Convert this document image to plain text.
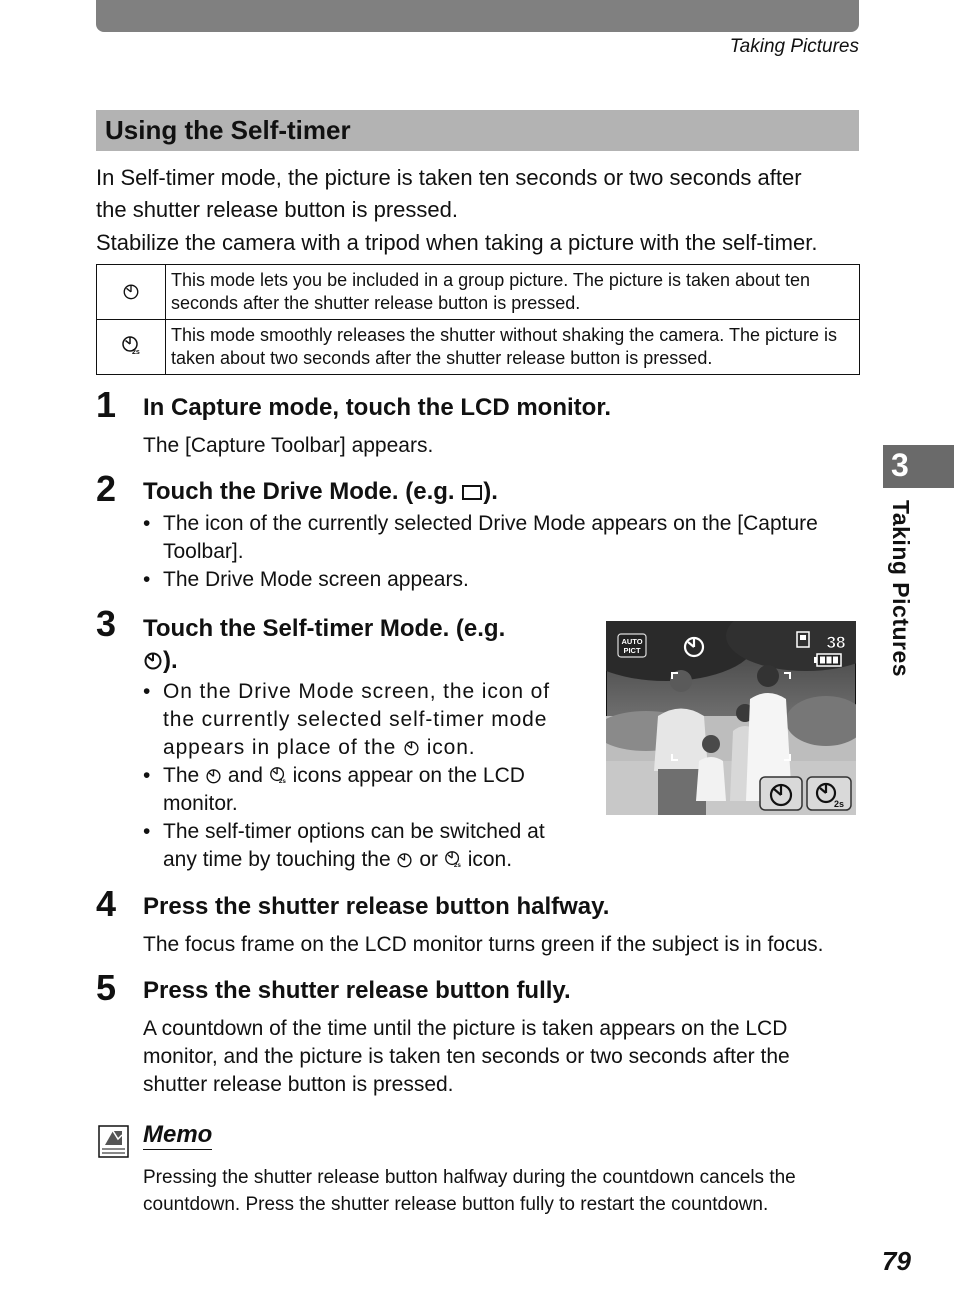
Taking Pictures
Using the Self-timer
In Self-timer mode, the picture is taken ten seconds or two seconds after
the shutter release button is pressed.
Stabilize the camera with a tripod when taking a picture with the self-timer.
	This mode lets you be included in a group picture. The picture is taken about ten seconds after the shutter release button is pressed.

2s	This mode smoothly releases the shutter without shaking the camera. The picture is taken about two seconds after the shutter release button is pressed.
1 In Capture mode, touch the LCD monitor.
The [Capture Toolbar] appears.
2 Touch the Drive Mode. (e.g. ).
• The icon of the currently selected Drive Mode appears on the [Capture
Toolbar].
• The Drive Mode screen appears.
3 Touch the Self-timer Mode. (e.g.
).
• On the Drive Mode screen, the icon of
the currently selected self-timer mode
appears in place of the icon.
• The and 2s icons appear on the LCD
monitor.
• The self-timer options can be switched at
any time by touching the or 2s icon.
AUTO
PICT	38
2s
4 Press the shutter release button halfway.
The focus frame on the LCD monitor turns green if the subject is in focus.
5 Press the shutter release button fully.
A countdown of the time until the picture is taken appears on the LCD
monitor, and the picture is taken ten seconds or two seconds after the
shutter release button is pressed.
Memo
Pressing the shutter release button halfway during the countdown cancels the
countdown. Press the shutter release button fully to restart the countdown.
3
Taking Pictures
79
